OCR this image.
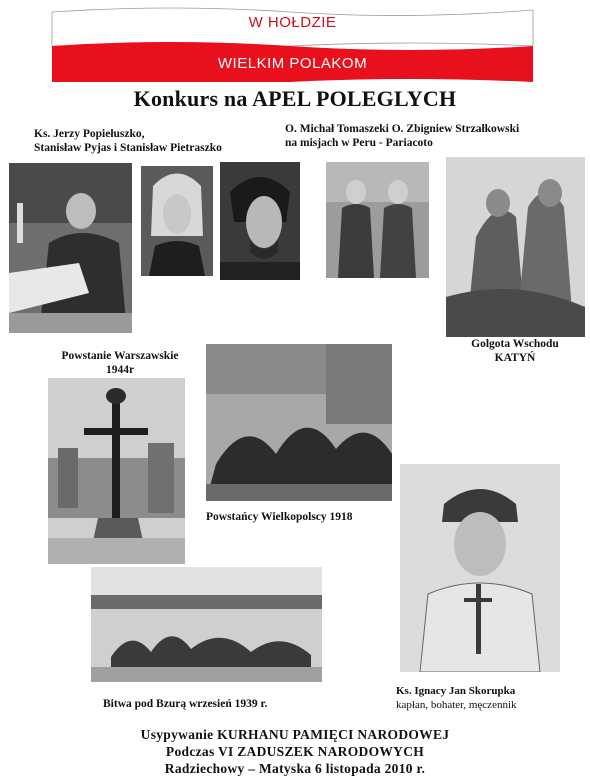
W HOŁDZIE
WIELKIM POLAKOM
Konkurs na APEL POLEGLYCH
Ks. Jerzy Popiełuszko,
Stanisław Pyjas i Stanisław Pietraszko
O. Michał Tomaszeki O. Zbigniew Strzałkowski
na misjach w Peru - Pariacoto
Golgota Wschodu
KATYŃ
Powstanie Warszawskie
1944r
Powstańcy Wielkopolscy 1918
Bitwa pod Bzurą wrzesień 1939 r.
Ks. Ignacy Jan Skorupka
kapłan, bohater, męczennik
Usypywanie KURHANU PAMIĘCI NARODOWEJ
Podczas VI ZADUSZEK NARODOWYCH
Radziechowy – Matyska 6 listopada 2010 r.
